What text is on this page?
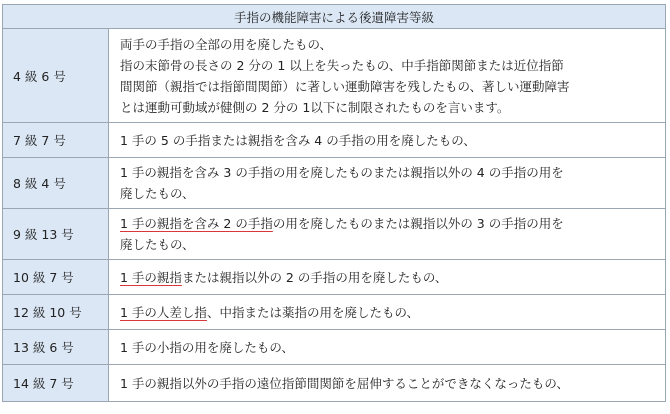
手指の機能障害による後遺障害等級	
4 級 6 号	両手の手指の全部の用を廃したもの、
指の末節骨の長さの 2 分の 1 以上を失ったもの、中手指節関節または近位指節
間関節（親指では指節間関節）に著しい運動障害を残したもの、著しい運動障害
とは運動可動域が健側の 2 分の 1以下に制限されたものを言います。

7 級 7 号	1 手の 5 の手指または親指を含み 4 の手指の用を廃したもの、
8 級 4 号	1 手の親指を含み 3 の手指の用を廃したものまたは親指以外の 4 の手指の用を
廃したもの、

9 級 13 号	1 手の親指を含み 2 の手指の用を廃したものまたは親指以外の 3 の手指の用を
廃したもの、

10 級 7 号	1 手の親指または親指以外の 2 の手指の用を廃したもの、
12 級 10 号	1 手の人差し指、中指または薬指の用を廃したもの、
13 級 6 号	1 手の小指の用を廃したもの、
14 級 7 号	1 手の親指以外の手指の遠位指節間関節を屈伸することができなくなったもの、
